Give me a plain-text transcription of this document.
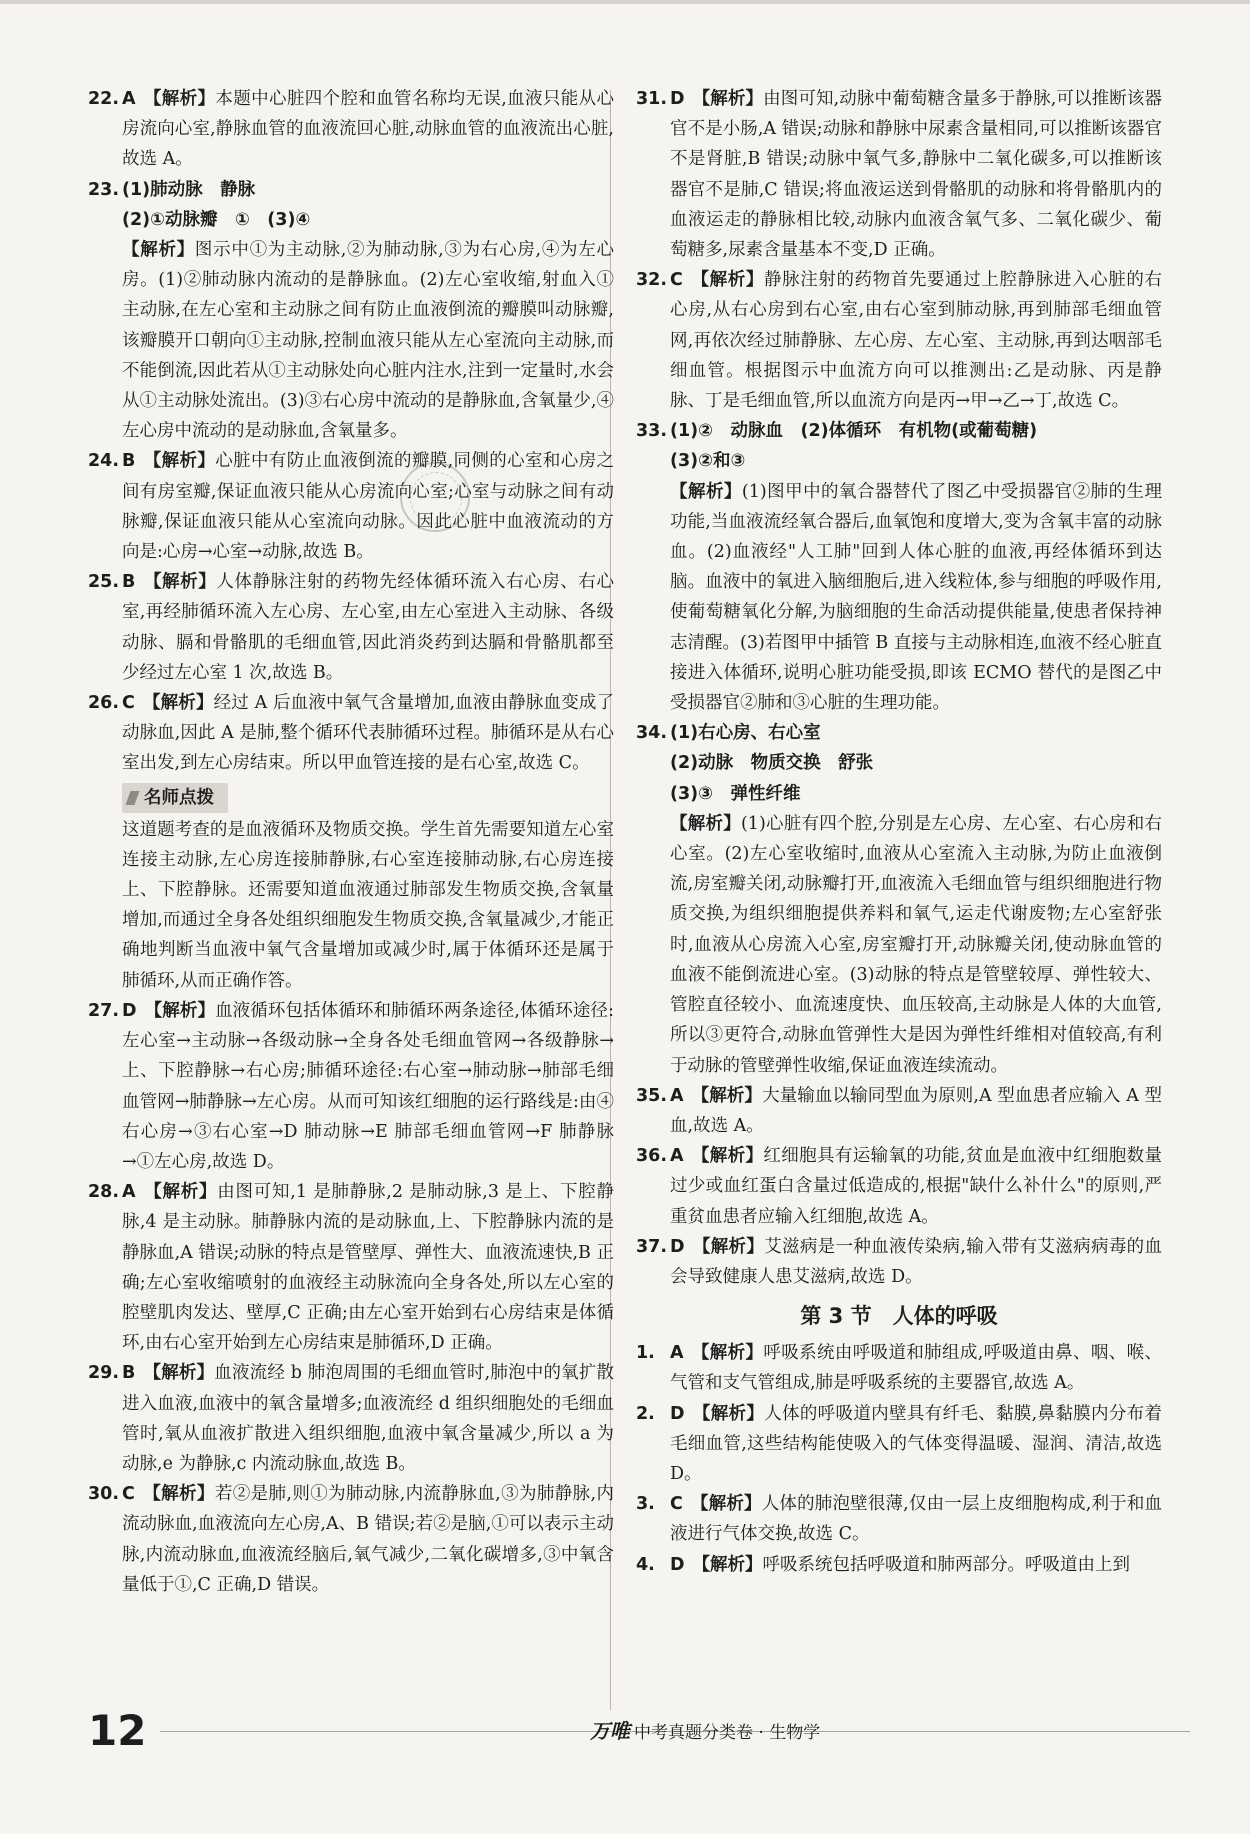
22. A 【解析】本题中心脏四个腔和血管名称均无误,血液只能从心房流向心室,静脉血管的血液流回心脏,动脉血管的血液流出心脏,故选 A。
23. (1)肺动脉　静脉
(2)①动脉瓣　①　(3)④
【解析】图示中①为主动脉,②为肺动脉,③为右心房,④为左心房。(1)②肺动脉内流动的是静脉血。(2)左心室收缩,射血入①主动脉,在左心室和主动脉之间有防止血液倒流的瓣膜叫动脉瓣,该瓣膜开口朝向①主动脉,控制血液只能从左心室流向主动脉,而不能倒流,因此若从①主动脉处向心脏内注水,注到一定量时,水会从①主动脉处流出。(3)③右心房中流动的是静脉血,含氧量少,④左心房中流动的是动脉血,含氧量多。
24. B 【解析】心脏中有防止血液倒流的瓣膜,同侧的心室和心房之间有房室瓣,保证血液只能从心房流向心室;心室与动脉之间有动脉瓣,保证血液只能从心室流向动脉。因此心脏中血液流动的方向是:心房→心室→动脉,故选 B。
25. B 【解析】人体静脉注射的药物先经体循环流入右心房、右心室,再经肺循环流入左心房、左心室,由左心室进入主动脉、各级动脉、膈和骨骼肌的毛细血管,因此消炎药到达膈和骨骼肌都至少经过左心室 1 次,故选 B。
26. C 【解析】经过 A 后血液中氧气含量增加,血液由静脉血变成了动脉血,因此 A 是肺,整个循环代表肺循环过程。肺循环是从右心室出发,到左心房结束。所以甲血管连接的是右心室,故选 C。
名师点拨
这道题考查的是血液循环及物质交换。学生首先需要知道左心室连接主动脉,左心房连接肺静脉,右心室连接肺动脉,右心房连接上、下腔静脉。还需要知道血液通过肺部发生物质交换,含氧量增加,而通过全身各处组织细胞发生物质交换,含氧量减少,才能正确地判断当血液中氧气含量增加或减少时,属于体循环还是属于肺循环,从而正确作答。
27. D 【解析】血液循环包括体循环和肺循环两条途径,体循环途径:左心室→主动脉→各级动脉→全身各处毛细血管网→各级静脉→上、下腔静脉→右心房;肺循环途径:右心室→肺动脉→肺部毛细血管网→肺静脉→左心房。从而可知该红细胞的运行路线是:由④右心房→③右心室→D 肺动脉→E 肺部毛细血管网→F 肺静脉→①左心房,故选 D。
28. A 【解析】由图可知,1 是肺静脉,2 是肺动脉,3 是上、下腔静脉,4 是主动脉。肺静脉内流的是动脉血,上、下腔静脉内流的是静脉血,A 错误;动脉的特点是管壁厚、弹性大、血液流速快,B 正确;左心室收缩喷射的血液经主动脉流向全身各处,所以左心室的腔壁肌肉发达、壁厚,C 正确;由左心室开始到右心房结束是体循环,由右心室开始到左心房结束是肺循环,D 正确。
29. B 【解析】血液流经 b 肺泡周围的毛细血管时,肺泡中的氧扩散进入血液,血液中的氧含量增多;血液流经 d 组织细胞处的毛细血管时,氧从血液扩散进入组织细胞,血液中氧含量减少,所以 a 为动脉,e 为静脉,c 内流动脉血,故选 B。
30. C 【解析】若②是肺,则①为肺动脉,内流静脉血,③为肺静脉,内流动脉血,血液流向左心房,A、B 错误;若②是脑,①可以表示主动脉,内流动脉血,血液流经脑后,氧气减少,二氧化碳增多,③中氧含量低于①,C 正确,D 错误。
31. D 【解析】由图可知,动脉中葡萄糖含量多于静脉,可以推断该器官不是小肠,A 错误;动脉和静脉中尿素含量相同,可以推断该器官不是肾脏,B 错误;动脉中氧气多,静脉中二氧化碳多,可以推断该器官不是肺,C 错误;将血液运送到骨骼肌的动脉和将骨骼肌内的血液运走的静脉相比较,动脉内血液含氧气多、二氧化碳少、葡萄糖多,尿素含量基本不变,D 正确。
32. C 【解析】静脉注射的药物首先要通过上腔静脉进入心脏的右心房,从右心房到右心室,由右心室到肺动脉,再到肺部毛细血管网,再依次经过肺静脉、左心房、左心室、主动脉,再到达咽部毛细血管。根据图示中血流方向可以推测出:乙是动脉、丙是静脉、丁是毛细血管,所以血流方向是丙→甲→乙→丁,故选 C。
33. (1)②　动脉血　(2)体循环　有机物(或葡萄糖)
(3)②和③
【解析】(1)图甲中的氧合器替代了图乙中受损器官②肺的生理功能,当血液流经氧合器后,血氧饱和度增大,变为含氧丰富的动脉血。(2)血液经"人工肺"回到人体心脏的血液,再经体循环到达脑。血液中的氧进入脑细胞后,进入线粒体,参与细胞的呼吸作用,使葡萄糖氧化分解,为脑细胞的生命活动提供能量,使患者保持神志清醒。(3)若图甲中插管 B 直接与主动脉相连,血液不经心脏直接进入体循环,说明心脏功能受损,即该 ECMO 替代的是图乙中受损器官②肺和③心脏的生理功能。
34. (1)右心房、右心室
(2)动脉　物质交换　舒张
(3)③　弹性纤维
【解析】(1)心脏有四个腔,分别是左心房、左心室、右心房和右心室。(2)左心室收缩时,血液从心室流入主动脉,为防止血液倒流,房室瓣关闭,动脉瓣打开,血液流入毛细血管与组织细胞进行物质交换,为组织细胞提供养料和氧气,运走代谢废物;左心室舒张时,血液从心房流入心室,房室瓣打开,动脉瓣关闭,使动脉血管的血液不能倒流进心室。(3)动脉的特点是管壁较厚、弹性较大、管腔直径较小、血流速度快、血压较高,主动脉是人体的大血管,所以③更符合,动脉血管弹性大是因为弹性纤维相对值较高,有利于动脉的管壁弹性收缩,保证血液连续流动。
35. A 【解析】大量输血以输同型血为原则,A 型血患者应输入 A 型血,故选 A。
36. A 【解析】红细胞具有运输氧的功能,贫血是血液中红细胞数量过少或血红蛋白含量过低造成的,根据"缺什么补什么"的原则,严重贫血患者应输入红细胞,故选 A。
37. D 【解析】艾滋病是一种血液传染病,输入带有艾滋病病毒的血会导致健康人患艾滋病,故选 D。
第 3 节　人体的呼吸
1. A 【解析】呼吸系统由呼吸道和肺组成,呼吸道由鼻、咽、喉、气管和支气管组成,肺是呼吸系统的主要器官,故选 A。
2. D 【解析】人体的呼吸道内壁具有纤毛、黏膜,鼻黏膜内分布着毛细血管,这些结构能使吸入的气体变得温暖、湿润、清洁,故选 D。
3. C 【解析】人体的肺泡壁很薄,仅由一层上皮细胞构成,利于和血液进行气体交换,故选 C。
4. D 【解析】呼吸系统包括呼吸道和肺两部分。呼吸道由上到
12	万唯 中考真题分类卷 · 生物学
